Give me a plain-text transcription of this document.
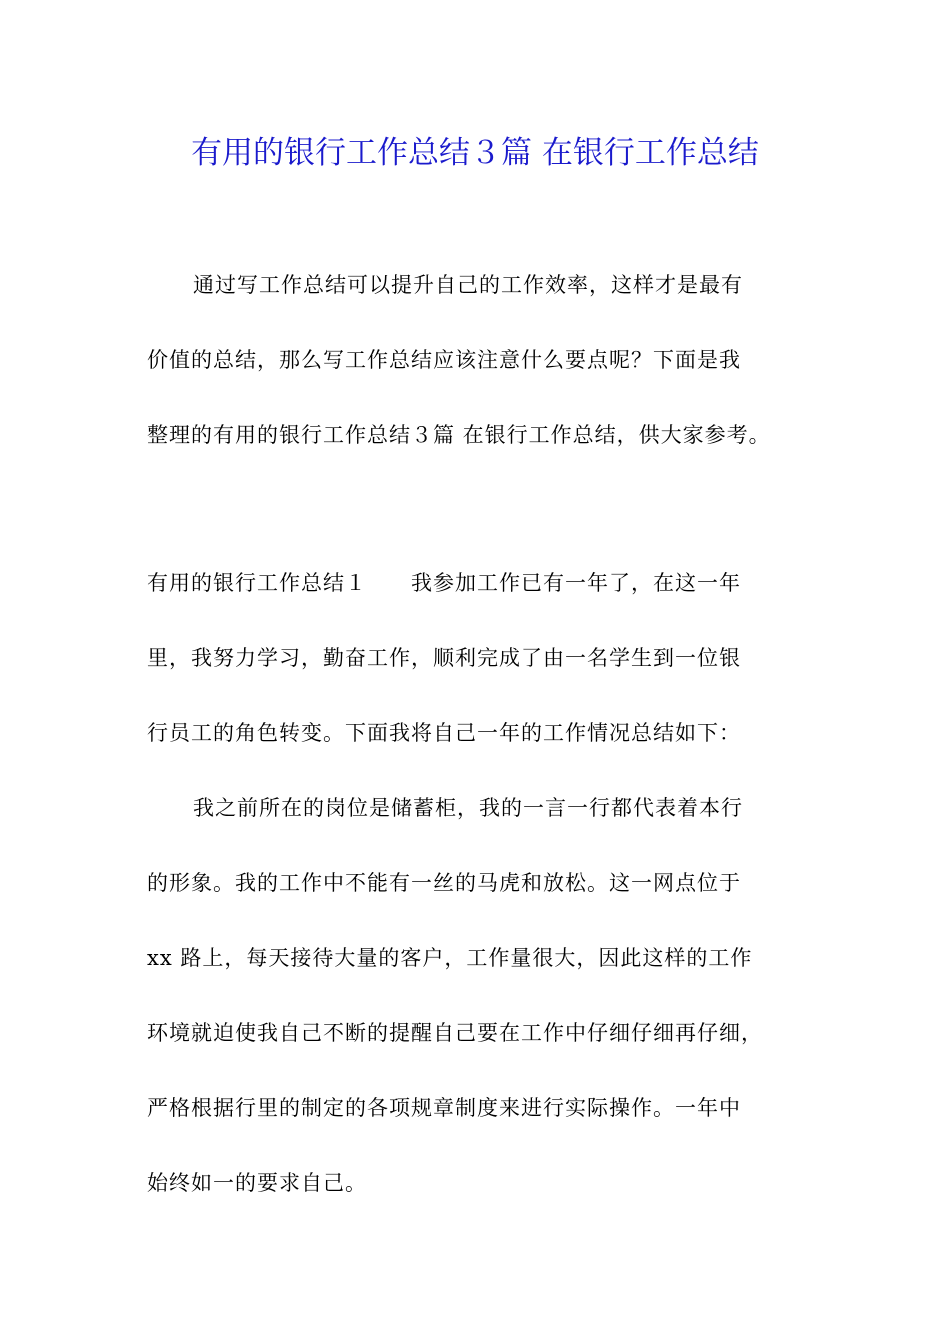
有用的银行工作总结３篇 在银行工作总结
通过写工作总结可以提升自己的工作效率，这样才是最有
价值的总结，那么写工作总结应该注意什么要点呢？下面是我
整理的有用的银行工作总结３篇 在银行工作总结，供大家参考。
有用的银行工作总结１　　我参加工作已有一年了，在这一年
里，我努力学习，勤奋工作，顺利完成了由一名学生到一位银
行员工的角色转变。下面我将自己一年的工作情况总结如下：
我之前所在的岗位是储蓄柜，我的一言一行都代表着本行
的形象。我的工作中不能有一丝的马虎和放松。这一网点位于
xx 路上，每天接待大量的客户，工作量很大，因此这样的工作
环境就迫使我自己不断的提醒自己要在工作中仔细仔细再仔细，
严格根据行里的制定的各项规章制度来进行实际操作。一年中
始终如一的要求自己。
